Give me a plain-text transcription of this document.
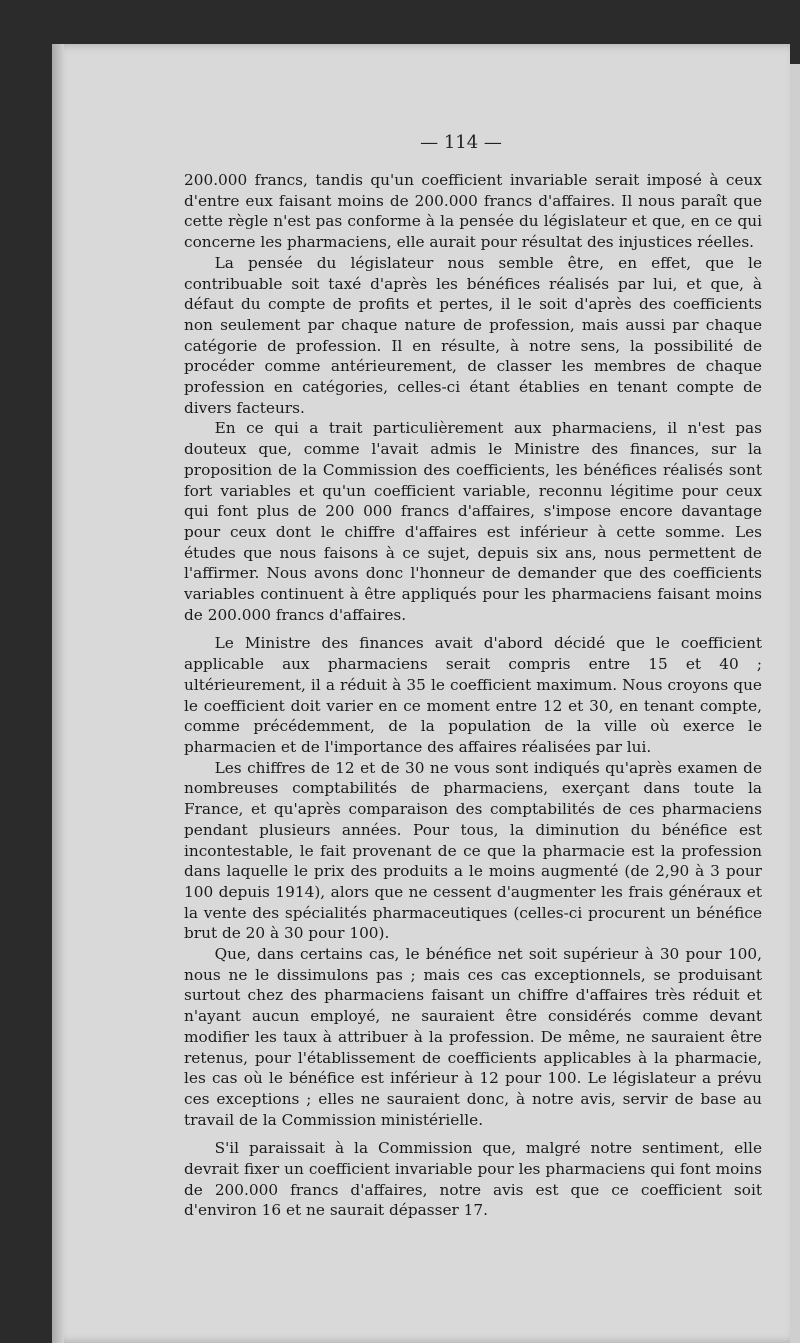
— 114 —

200.000 francs, tandis qu'un coefficient invariable serait imposé à ceux d'entre eux faisant moins de 200.000 francs d'affaires. Il nous paraît que cette règle n'est pas conforme à la pensée du législateur et que, en ce qui concerne les pharmaciens, elle aurait pour résultat des injustices réelles.

La pensée du législateur nous semble être, en effet, que le contribuable soit taxé d'après les bénéfices réalisés par lui, et que, à défaut du compte de profits et pertes, il le soit d'après des coefficients non seulement par chaque nature de profession, mais aussi par chaque catégorie de profession. Il en résulte, à notre sens, la possibilité de procéder comme antérieurement, de classer les membres de chaque profession en catégories, celles-ci étant établies en tenant compte de divers facteurs.

En ce qui a trait particulièrement aux pharmaciens, il n'est pas douteux que, comme l'avait admis le Ministre des finances, sur la proposition de la Commission des coefficients, les bénéfices réalisés sont fort variables et qu'un coefficient variable, reconnu légitime pour ceux qui font plus de 200 000 francs d'affaires, s'impose encore davantage pour ceux dont le chiffre d'affaires est inférieur à cette somme. Les études que nous faisons à ce sujet, depuis six ans, nous permettent de l'affirmer. Nous avons donc l'honneur de demander que des coefficients variables continuent à être appliqués pour les pharmaciens faisant moins de 200.000 francs d'affaires.

Le Ministre des finances avait d'abord décidé que le coefficient applicable aux pharmaciens serait compris entre 15 et 40 ; ultérieurement, il a réduit à 35 le coefficient maximum. Nous croyons que le coefficient doit varier en ce moment entre 12 et 30, en tenant compte, comme précédemment, de la population de la ville où exerce le pharmacien et de l'importance des affaires réalisées par lui.

Les chiffres de 12 et de 30 ne vous sont indiqués qu'après examen de nombreuses comptabilités de pharmaciens, exerçant dans toute la France, et qu'après comparaison des comptabilités de ces pharmaciens pendant plusieurs années. Pour tous, la diminution du bénéfice est incontestable, le fait provenant de ce que la pharmacie est la profession dans laquelle le prix des produits a le moins augmenté (de 2,90 à 3 pour 100 depuis 1914), alors que ne cessent d'augmenter les frais généraux et la vente des spécialités pharmaceutiques (celles-ci procurent un bénéfice brut de 20 à 30 pour 100).

Que, dans certains cas, le bénéfice net soit supérieur à 30 pour 100, nous ne le dissimulons pas ; mais ces cas exceptionnels, se produisant surtout chez des pharmaciens faisant un chiffre d'affaires très réduit et n'ayant aucun employé, ne sauraient être considérés comme devant modifier les taux à attribuer à la profession. De même, ne sauraient être retenus, pour l'établissement de coefficients applicables à la pharmacie, les cas où le bénéfice est inférieur à 12 pour 100. Le législateur a prévu ces exceptions ; elles ne sauraient donc, à notre avis, servir de base au travail de la Commission ministérielle.

S'il paraissait à la Commission que, malgré notre sentiment, elle devrait fixer un coefficient invariable pour les pharmaciens qui font moins de 200.000 francs d'affaires, notre avis est que ce coefficient soit d'environ 16 et ne saurait dépasser 17.
